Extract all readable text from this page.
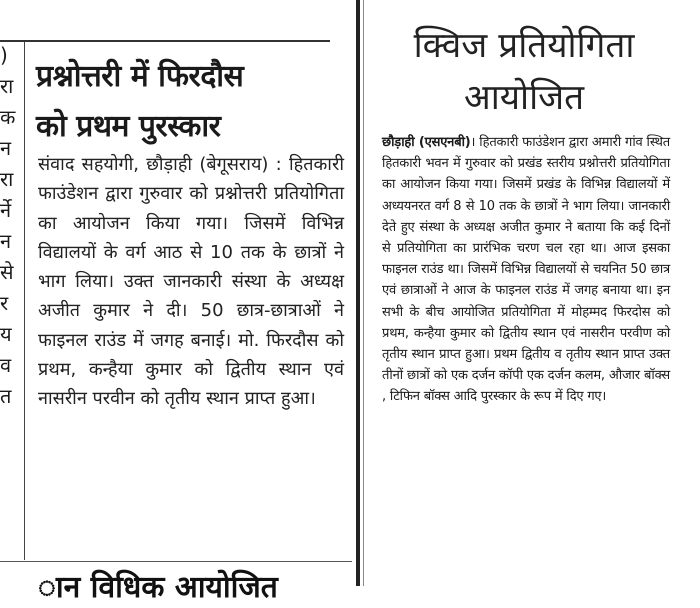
)
रा
क
न
रा
र्ने
न
से
र
य
व
त
प्रश्नोत्तरी में फिरदौस
को प्रथम पुरस्कार
संवाद सहयोगी, छौड़ाही (बेगूसराय) : हितकारी फाउंडेशन द्वारा गुरुवार को प्रश्नोत्तरी प्रतियोगिता का आयोजन किया गया। जिसमें विभिन्न विद्यालयों के वर्ग आठ से 10 तक के छात्रों ने भाग लिया। उक्त जानकारी संस्था के अध्यक्ष अजीत कुमार ने दी। 50 छात्र-छात्राओं ने फाइनल राउंड में जगह बनाई। मो. फिरदौस को प्रथम, कन्हैया कुमार को द्वितीय स्थान एवं नासरीन परवीन को तृतीय स्थान प्राप्त हुआ।
ान विधिक आयोजित
क्विज प्रतियोगिता
आयोजित
छौड़ाही (एसएनबी)। हितकारी फाउंडेशन द्वारा अमारी गांव स्थित हितकारी भवन में गुरुवार को प्रखंड स्तरीय प्रश्नोत्तरी प्रतियोगिता का आयोजन किया गया। जिसमें प्रखंड के विभिन्न विद्यालयों में अध्ययनरत वर्ग 8 से 10 तक के छात्रों ने भाग लिया। जानकारी देते हुए संस्था के अध्यक्ष अजीत कुमार ने बताया कि कई दिनों से प्रतियोगिता का प्रारंभिक चरण चल रहा था। आज इसका फाइनल राउंड था। जिसमें विभिन्न विद्यालयों से चयनित 50 छात्र एवं छात्राओं ने आज के फाइनल राउंड में जगह बनाया था। इन सभी के बीच आयोजित प्रतियोगिता में मोहम्मद फिरदोस को प्रथम, कन्हैया कुमार को द्वितीय स्थान एवं नासरीन परवीण को तृतीय स्थान प्राप्त हुआ। प्रथम द्वितीय व तृतीय स्थान प्राप्त उक्त तीनों छात्रों को एक दर्जन कॉपी एक दर्जन कलम, औजार बॉक्स , टिफिन बॉक्स आदि पुरस्कार के रूप में दिए गए।
